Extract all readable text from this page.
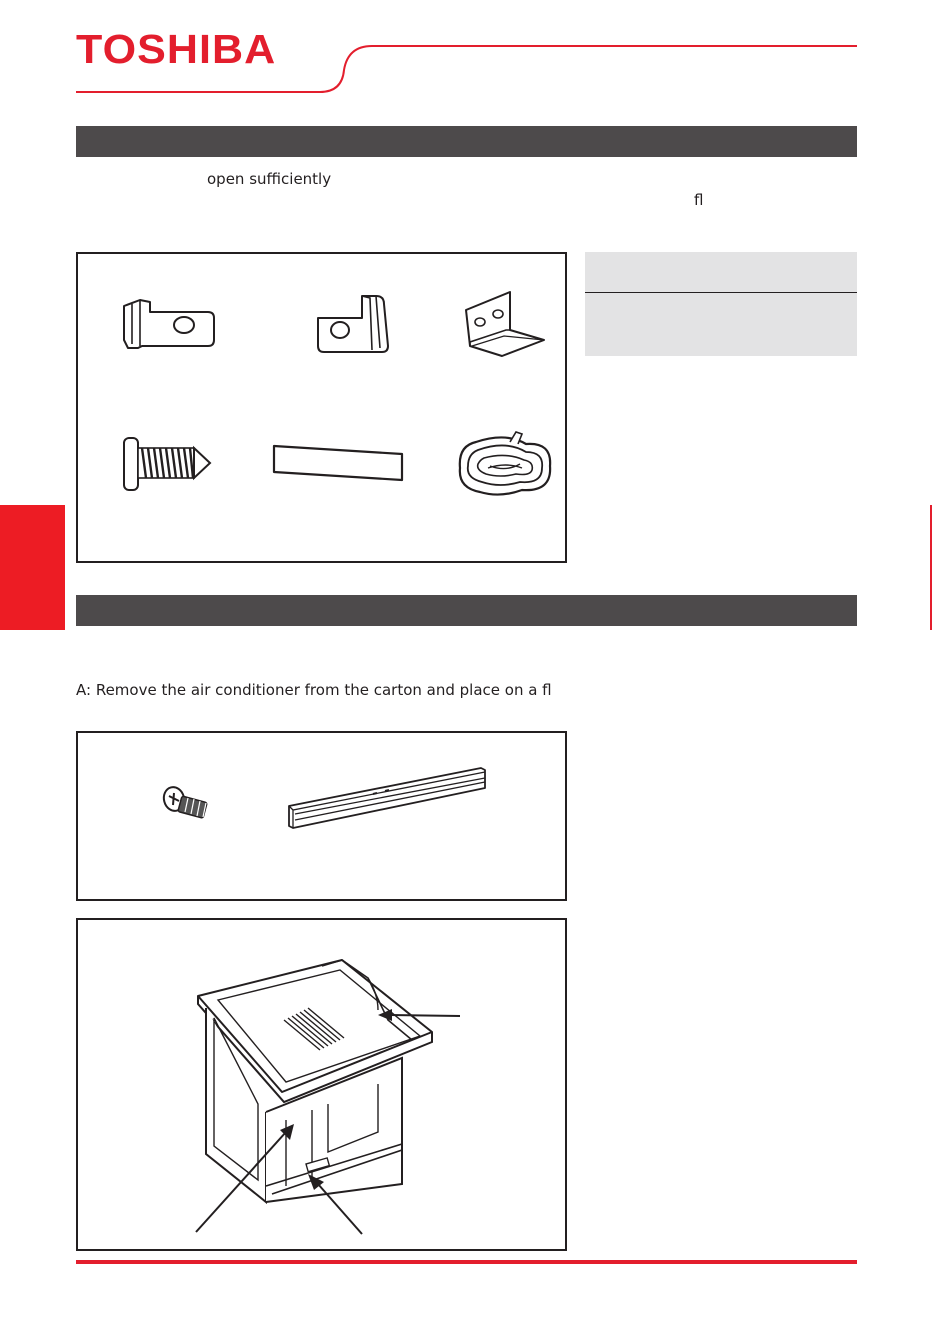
TOSHIBA
open sufficiently
fl
A: Remove the air conditioner from the carton and place on a fl
